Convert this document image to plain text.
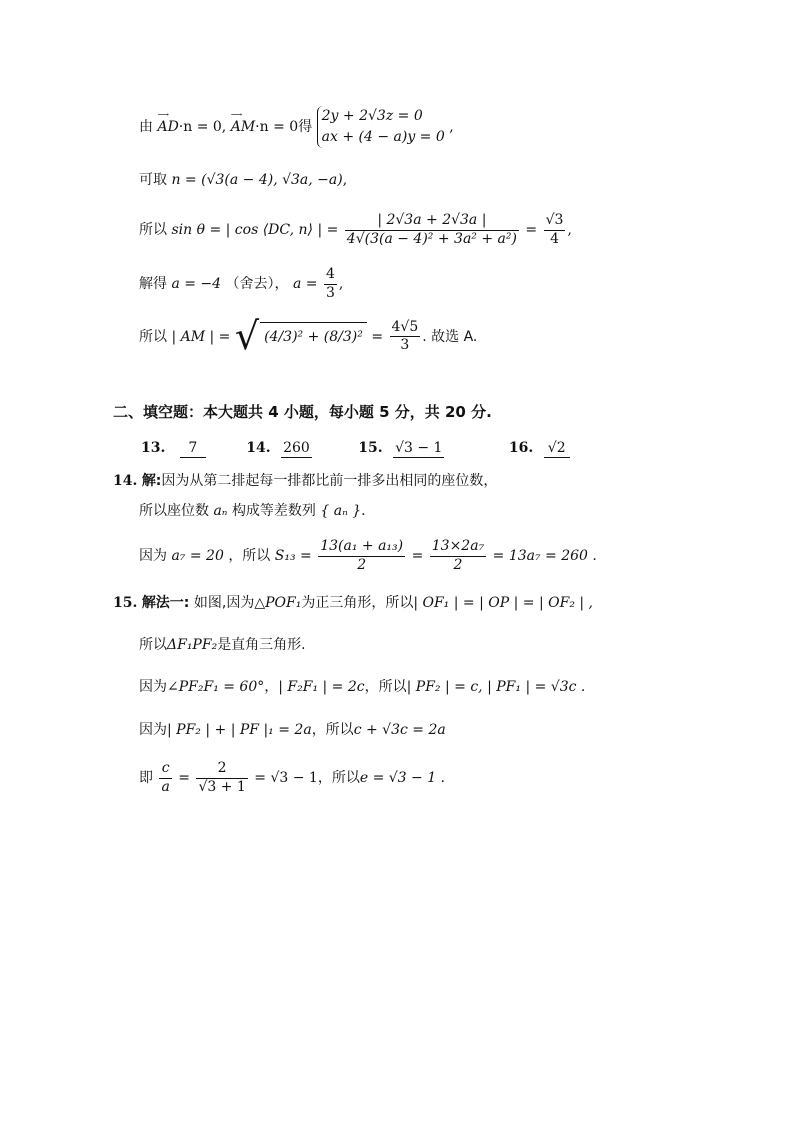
由
⟶
AD·n = 0,
⟶
AM·n = 0得
2y + 2√3z = 0
ax + (4 − a)y = 0
,
可取 n = (√3(a − 4), √3a, −a),
所以 sin θ = | cos ⟨DC, n⟩ | = $\frac{| 2√3a + 2√3a |}{\text{4√(3(a − 4)² + 3a² + a²)}} = \frac{√3}{4}$ ,
解得 a = −4 （舍去）， $a = \frac{4}{3}$ ,
所以 | AM | = √ $(4/3)^2 + (8/3)^2 = \frac{4√5}{3}$ . 故选 A.
二、填空题：本大题共 4 小题，每小题 5 分，共 20 分.
13. 7	14. 260	15. √3 − 1	16. √2
14. 解:因为从第二排起每一排都比前一排多出相同的座位数，
所以座位数 aₙ 构成等差数列 { aₙ }.
因为 a₇ = 20 ，所以 $S_{13} = \frac{\text{13(a₁ + a₁₃)}}{2} = \frac{\text{13×2a₇}}{2} = 13a_7 = 260$ .
15. 解法一: 如图,因为△POF₁为正三角形，所以| OF₁ | = | OP | = | OF₂ | ,
所以ΔF₁PF₂是直角三角形.
因为∠PF₂F₁ = 60°，| F₂F₁ | = 2c，所以| PF₂ | = c, | PF₁ | = √3c .
因为| PF₂ | + | PF |₁ = 2a，所以c + √3c = 2a
即 $\frac{c}{a} = \frac{2}{√3 + 1} = √3 - 1$，所以e = √3 − 1 .
